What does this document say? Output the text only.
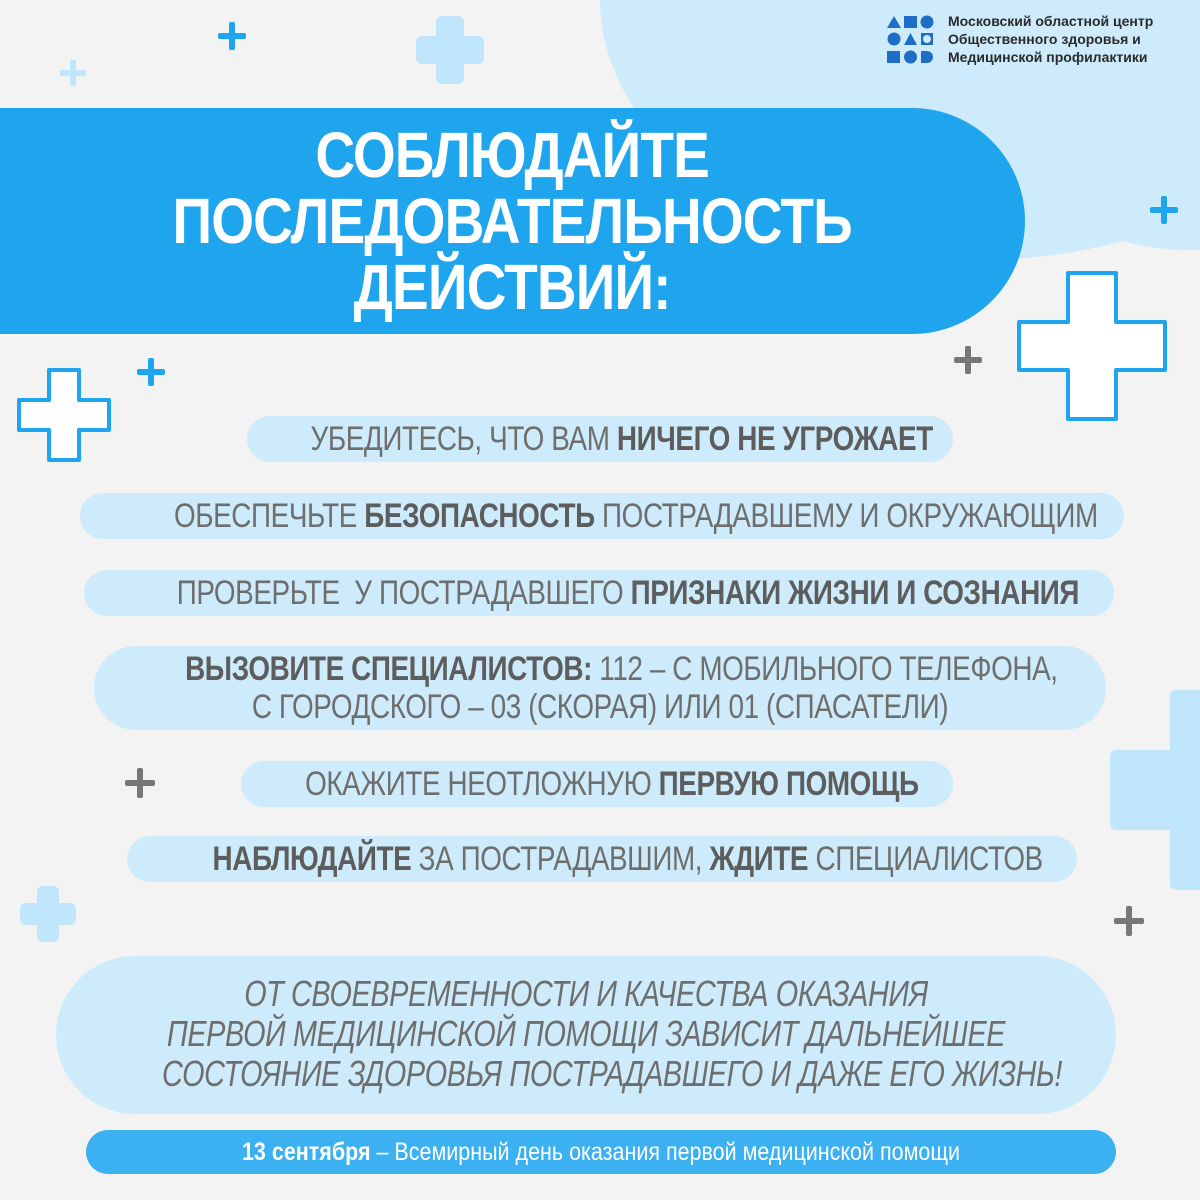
Московский областной центр
Общественного здоровья и
Медицинской профилактики
СОБЛЮДАЙТЕ
ПОСЛЕДОВАТЕЛЬНОСТЬ
ДЕЙСТВИЙ:
УБЕДИТЕСЬ, ЧТО ВАМ НИЧЕГО НЕ УГРОЖАЕТ
ОБЕСПЕЧЬТЕ БЕЗОПАСНОСТЬ ПОСТРАДАВШЕМУ И ОКРУЖАЮЩИМ
ПРОВЕРЬТЕ  У ПОСТРАДАВШЕГО ПРИЗНАКИ ЖИЗНИ И СОЗНАНИЯ
ВЫЗОВИТЕ СПЕЦИАЛИСТОВ: 112 – С МОБИЛЬНОГО ТЕЛЕФОНА,
С ГОРОДСКОГО – 03 (СКОРАЯ) ИЛИ 01 (СПАСАТЕЛИ)
ОКАЖИТЕ НЕОТЛОЖНУЮ ПЕРВУЮ ПОМОЩЬ
НАБЛЮДАЙТЕ ЗА ПОСТРАДАВШИМ, ЖДИТЕ СПЕЦИАЛИСТОВ
ОТ СВОЕВРЕМЕННОСТИ И КАЧЕСТВА ОКАЗАНИЯ
ПЕРВОЙ МЕДИЦИНСКОЙ ПОМОЩИ ЗАВИСИТ ДАЛЬНЕЙШЕЕ
СОСТОЯНИЕ ЗДОРОВЬЯ ПОСТРАДАВШЕГО И ДАЖЕ ЕГО ЖИЗНЬ!
13 сентября – Всемирный день оказания первой медицинской помощи
